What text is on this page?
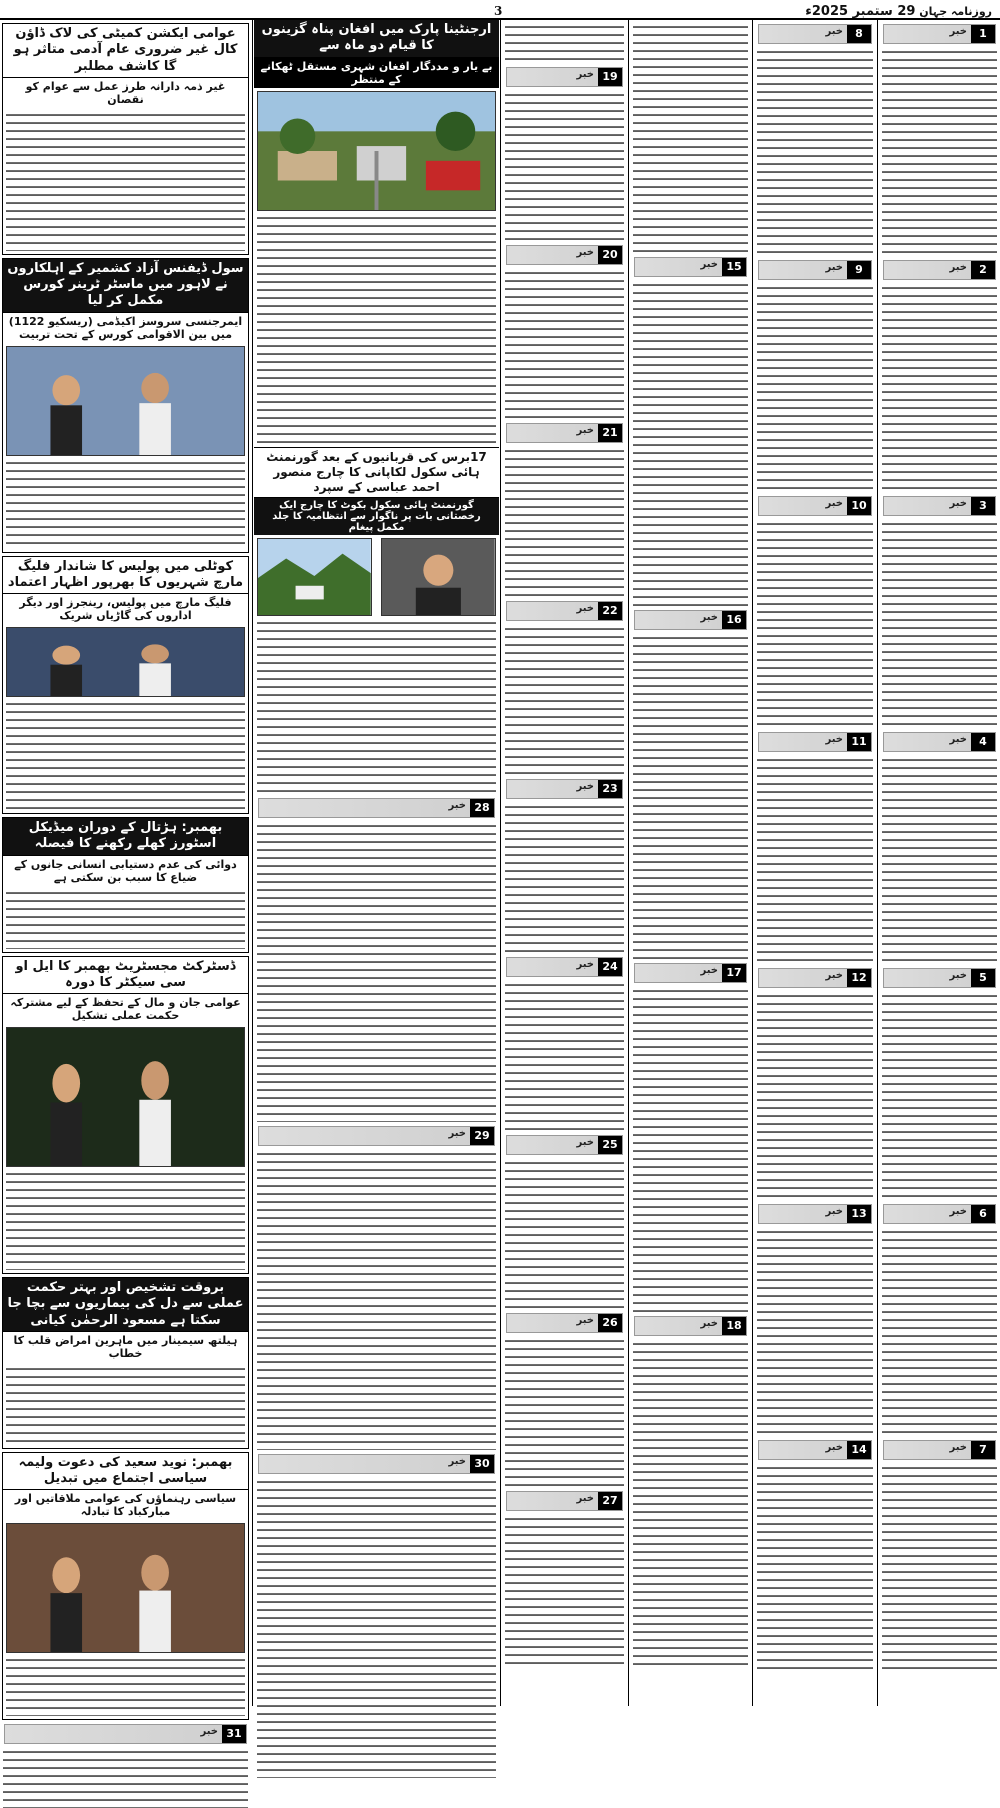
3	روزنامہ جہانِ 29 ستمبر 2025ء
1
خبر
2
خبر
3
خبر
4
خبر
5
خبر
6
خبر
7
خبر
8
خبر
9
خبر
10
خبر
11
خبر
12
خبر
13
خبر
14
خبر
15
خبر
16
خبر
17
خبر
18
خبر
19
خبر
20
خبر
21
خبر
22
خبر
23
خبر
24
خبر
25
خبر
26
خبر
27
خبر
ارجنٹینا پارک میں افغان پناہ گزینوں کا قیام دو ماہ سے
بے یار و مددگار افغان شہری مستقل ٹھکانے کے منتظر
17برس کی قربانیوں کے بعد گورنمنٹ ہائی سکول لکاپانی کا چارج منصور احمد عباسی کے سپرد
گورنمنٹ ہائی سکول بکوٹ کا چارج ایک رخصتانی بات پر ناگوار سے انتظامیہ کا جلد مکمل پیغام
28
خبر
29
خبر
30
خبر
عوامی ایکشن کمیٹی کی لاک ڈاؤن کال غیر ضروری عام آدمی متاثر ہو گا کاشف مطلبر
غیر ذمہ دارانہ طرز عمل سے عوام کو نقصان
سول ڈیفنس آزاد کشمیر کے اہلکاروں نے لاہور میں ماسٹر ٹرینر کورس مکمل کر لیا
ایمرجنسی سروسز اکیڈمی (ریسکیو 1122) میں بین الاقوامی کورس کے تحت تربیت
کوٹلی میں پولیس کا شاندار فلیگ مارچ شہریوں کا بھرپور اظہار اعتماد
فلیگ مارچ میں پولیس، رینجرز اور دیگر اداروں کی گاڑیاں شریک
بھمبر: ہڑتال کے دوران میڈیکل اسٹورز کھلے رکھنے کا فیصلہ
دوائی کی عدم دستیابی انسانی جانوں کے ضیاع کا سبب بن سکتی ہے
ڈسٹرکٹ مجسٹریٹ بھمبر کا ایل او سی سیکٹر کا دورہ
عوامی جان و مال کے تحفظ کے لیے مشترکہ حکمت عملی تشکیل
بروقت تشخیص اور بہتر حکمت عملی سے دل کی بیماریوں سے بچا جا سکتا ہے مسعود الرحمٰن کیانی
ہیلتھ سیمینار میں ماہرین امراض قلب کا خطاب
بھمبر: نوید سعید کی دعوت ولیمہ سیاسی اجتماع میں تبدیل
سیاسی رہنماؤں کی عوامی ملاقاتیں اور مبارکباد کا تبادلہ
31
خبر
